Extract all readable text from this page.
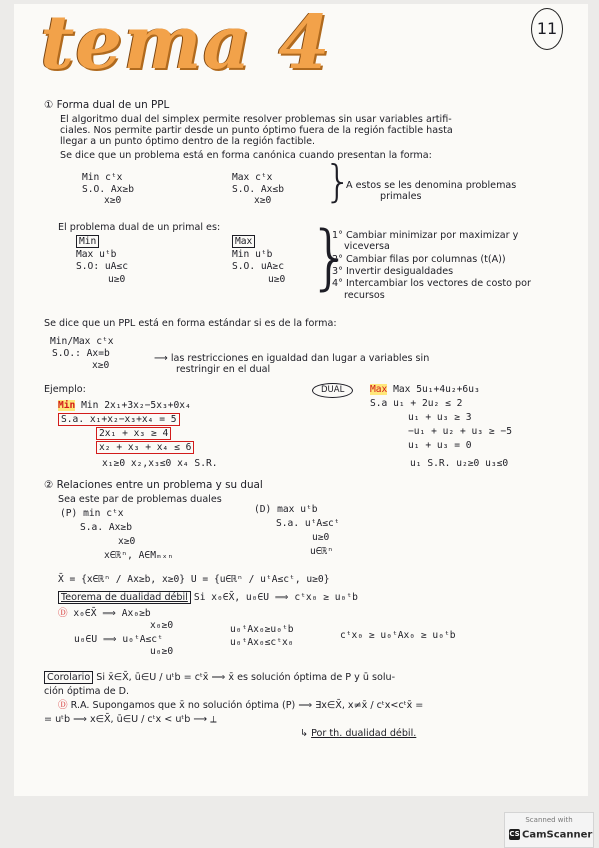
tema 4	11
① Forma dual de un PPL
El algoritmo dual del simplex permite resolver problemas sin usar variables artifi-
ciales. Nos permite partir desde un punto óptimo fuera de la región factible hasta
llegar a un punto óptimo dentro de la región factible.
Se dice que un problema está en forma canónica cuando presentan la forma:
Min cᵗx
S.O. Ax≥b
x≥0
Max cᵗx
S.O. Ax≤b
x≥0 }
A estos se les denomina problemas
primales
El problema dual de un primal es:
Min
Max uᵗb
S.O: uA≤c
u≥0
Max
Min uᵗb
S.O. uA≥c
u≥0 }
1° Cambiar minimizar por maximizar y
viceversa
2° Cambiar filas por columnas (t(A))
3° Invertir desigualdades
4° Intercambiar los vectores de costo por
recursos
Se dice que un PPL está en forma estándar si es de la forma:
Min/Max cᵗx
S.O.: Ax=b
x≥0
⟶ las restricciones en igualdad dan lugar a variables sin
restringir en el dual
Ejemplo:	DUAL
Min Min 2x₁+3x₂−5x₃+0x₄
S.a. x₁+x₂−x₃+x₄ = 5
2x₁ + x₃ ≥ 4
x₂ + x₃ + x₄ ≤ 6
x₁≥0 x₂,x₃≤0 x₄ S.R.
Max Max 5u₁+4u₂+6u₃
S.a u₁ + 2u₂ ≤ 2
u₁ + u₃ ≥ 3
−u₁ + u₂ + u₃ ≥ −5
u₁ + u₃ = 0
u₁ S.R. u₂≥0 u₃≤0
② Relaciones entre un problema y su dual
Sea este par de problemas duales
(P) min cᵗx
S.a. Ax≥b
x≥0
x∈ℝⁿ, A∈Mₘₓₙ
(D) max uᵗb
S.a. uᵗA≤cᵗ
u≥0
u∈ℝⁿ
X̄ = {x∈ℝⁿ / Ax≥b, x≥0} U = {u∈ℝⁿ / uᵗA≤cᵗ, u≥0}
Teorema de dualidad débil Si x₀∈X̄, u₀∈U ⟹ cᵗx₀ ≥ u₀ᵗb
Ⓓ x₀∈X̄ ⟹ Ax₀≥b
x₀≥0
u₀∈U ⟹ u₀ᵗA≤cᵗ
u₀≥0
u₀ᵗAx₀≥u₀ᵗb
u₀ᵗAx₀≤cᵗx₀
cᵗx₀ ≥ u₀ᵗAx₀ ≥ u₀ᵗb
Corolario Si x̄∈X̄, ū∈U / uᵗb = cᵗx̄ ⟹ x̄ es solución óptima de P y ū solu-
ción óptima de D.
Ⓓ R.A. Supongamos que x̄ no solución óptima (P) ⟹ ∃x∈X̄, x≠x̄ / cᵗx<cᵗx̄ =
= uᵗb ⟹ x∈X̄, ū∈U / cᵗx < uᵗb ⟶ ⟂
↳ Por th. dualidad débil.
Scanned with
CS CamScanner
